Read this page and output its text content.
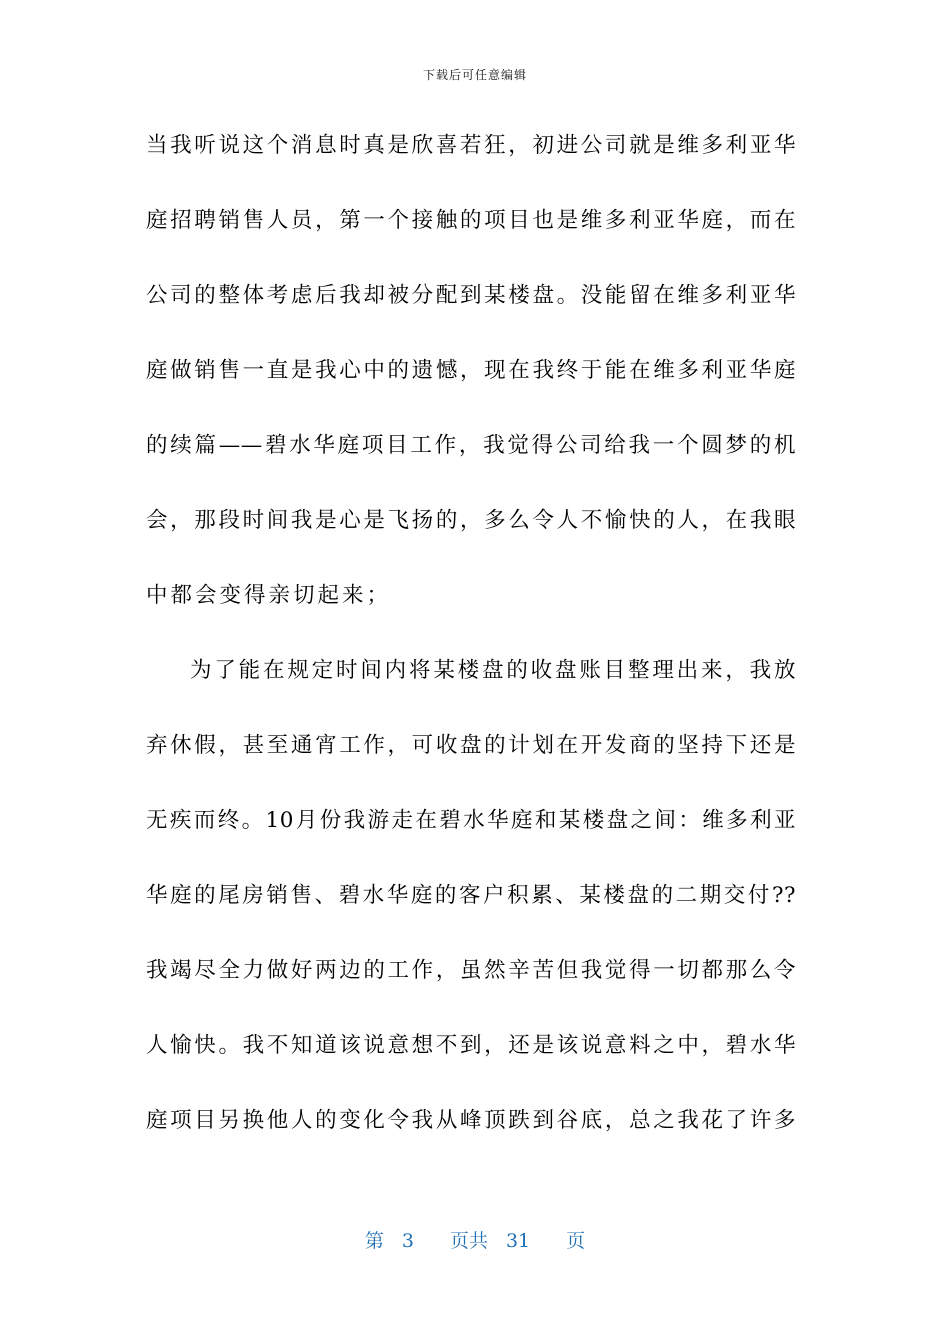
下载后可任意编辑
当我听说这个消息时真是欣喜若狂，初进公司就是维多利亚华
庭招聘销售人员，第一个接触的项目也是维多利亚华庭，而在
公司的整体考虑后我却被分配到某楼盘。没能留在维多利亚华
庭做销售一直是我心中的遗憾，现在我终于能在维多利亚华庭
的续篇——碧水华庭项目工作，我觉得公司给我一个圆梦的机
会，那段时间我是心是飞扬的，多么令人不愉快的人，在我眼
中都会变得亲切起来；
为了能在规定时间内将某楼盘的收盘账目整理出来，我放
弃休假，甚至通宵工作，可收盘的计划在开发商的坚持下还是
无疾而终。10月份我游走在碧水华庭和某楼盘之间：维多利亚
华庭的尾房销售、碧水华庭的客户积累、某楼盘的二期交付??
我竭尽全力做好两边的工作，虽然辛苦但我觉得一切都那么令
人愉快。我不知道该说意想不到，还是该说意料之中，碧水华
庭项目另换他人的变化令我从峰顶跌到谷底，总之我花了许多
第 3 页共 31 页
